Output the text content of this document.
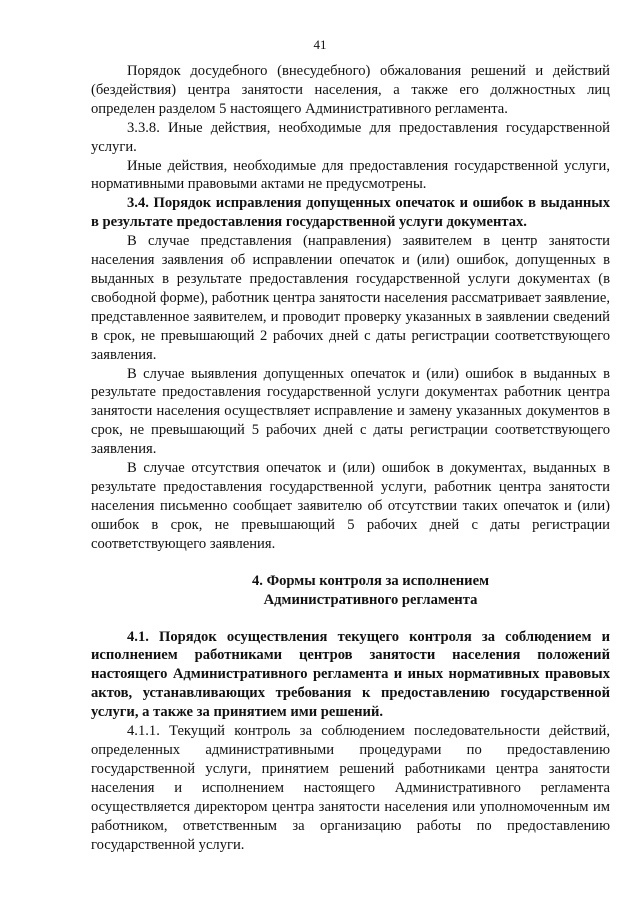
41

Порядок досудебного (внесудебного) обжалования решений и действий (бездействия) центра занятости населения, а также его должностных лиц определен разделом 5 настоящего Административного регламента.

3.3.8. Иные действия, необходимые для предоставления государственной услуги.

Иные действия, необходимые для предоставления государственной услуги, нормативными правовыми актами не предусмотрены.

3.4. Порядок исправления допущенных опечаток и ошибок в выданных в результате предоставления государственной услуги документах.

В случае представления (направления) заявителем в центр занятости населения заявления об исправлении опечаток и (или) ошибок, допущенных в выданных в результате предоставления государственной услуги документах (в свободной форме), работник центра занятости населения рассматривает заявление, представленное заявителем, и проводит проверку указанных в заявлении сведений в срок, не превышающий 2 рабочих дней с даты регистрации соответствующего заявления.

В случае выявления допущенных опечаток и (или) ошибок в выданных в результате предоставления государственной услуги документах работник центра занятости населения осуществляет исправление и замену указанных документов в срок, не превышающий 5 рабочих дней с даты регистрации соответствующего заявления.

В случае отсутствия опечаток и (или) ошибок в документах, выданных в результате предоставления государственной услуги, работник центра занятости населения письменно сообщает заявителю об отсутствии таких опечаток и (или) ошибок в срок, не превышающий 5 рабочих дней с даты регистрации соответствующего заявления.

4. Формы контроля за исполнением
Административного регламента

4.1. Порядок осуществления текущего контроля за соблюдением и исполнением работниками центров занятости населения положений настоящего Административного регламента и иных нормативных правовых актов, устанавливающих требования к предоставлению государственной услуги, а также за принятием ими решений.

4.1.1. Текущий контроль за соблюдением последовательности действий, определенных административными процедурами по предоставлению государственной услуги, принятием решений работниками центра занятости населения и исполнением настоящего Административного регламента осуществляется директором центра занятости населения или уполномоченным им работником, ответственным за организацию работы по предоставлению государственной услуги.
